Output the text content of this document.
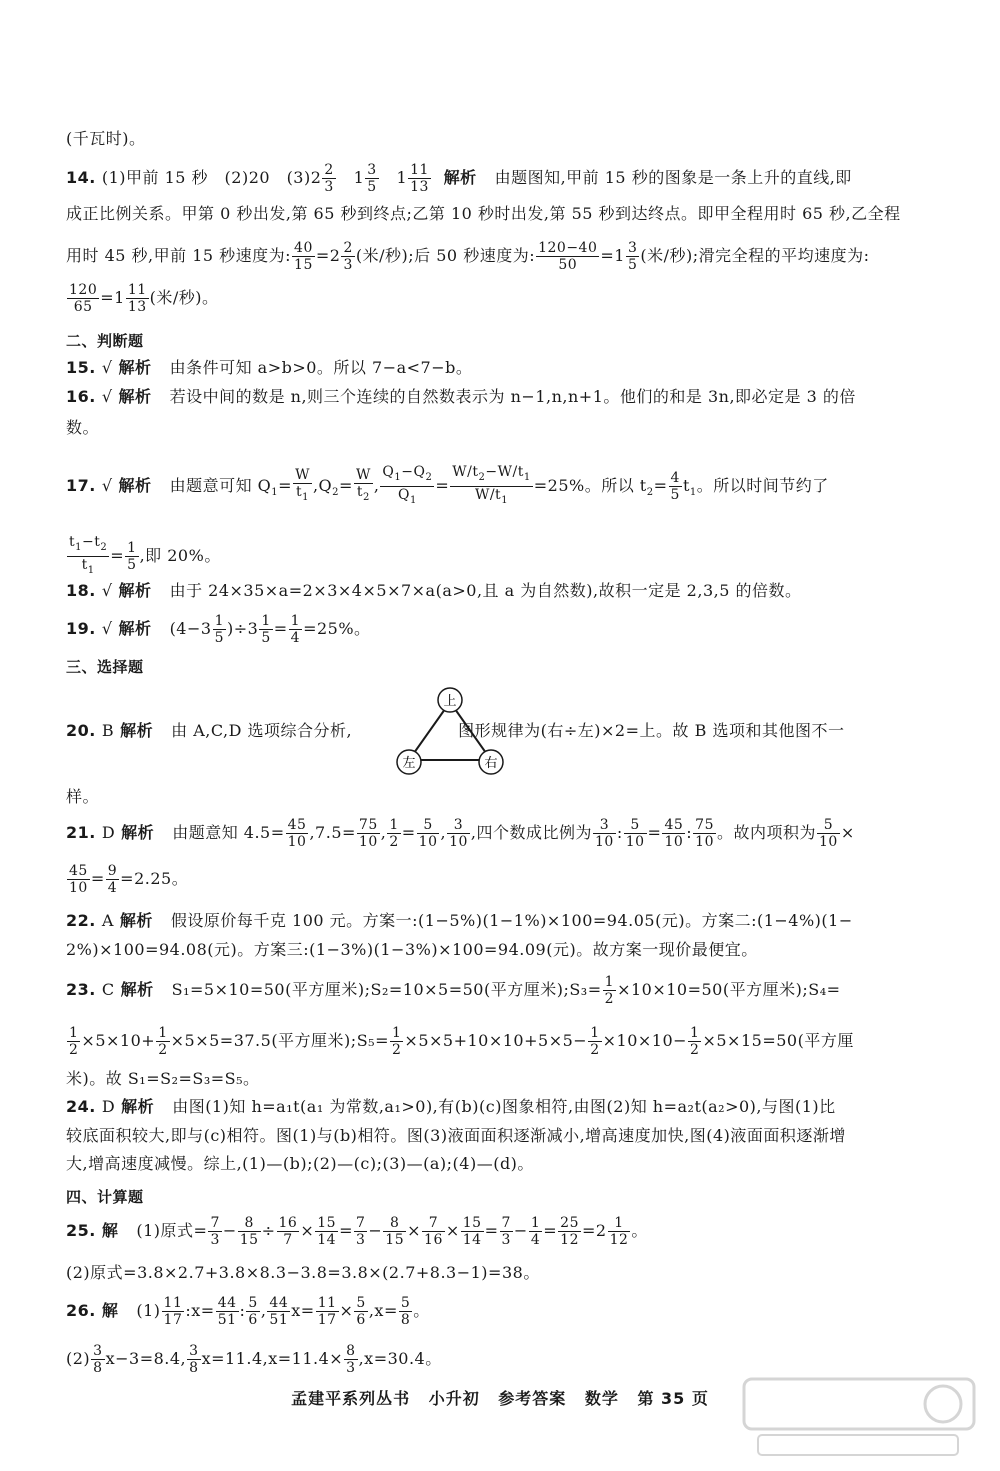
(千瓦时)。
14. (1)甲前 15 秒　(2)20　$(3)2 \frac{2}{3} 1 \frac{3}{5} 1 \frac{11}{13}$ 解析 由题图知,甲前 15 秒的图象是一条上升的直线,即
成正比例关系。甲第 0 秒出发,第 65 秒到终点;乙第 10 秒时出发,第 55 秒到达终点。即甲全程用时 65 秒,乙全程
用时 45 秒,甲前 15 秒速度为: $\frac{40}{15} =2 \frac{2}{3}$ (米/秒);后 50 秒速度为: $\frac{120-40}{50} =1 \frac{3}{5}$ (米/秒);滑完全程的平均速度为:
$\frac{120}{65} =1 \frac{11}{13}$ (米/秒)。
二、判断题
15. √ 解析 由条件可知 a>b>0。所以 7−a<7−b。
16. √ 解析 若设中间的数是 n,则三个连续的自然数表示为 n−1,n,n+1。他们的和是 3n,即必定是 3 的倍
数。
17. √ 解析 由题意可知 $Q_1= \frac{W}{t_1} ,Q_2= \frac{W}{t_2}$ , $\frac{Q_1-Q_2}{Q_1} = \frac{W/t_2-W/t_1}{W/t_1} =25\%$。所以 $t_2= \frac{4}{5} t_1$。所以时间节约了
$\frac{t_1-t_2}{t_1} = \frac{1}{5}$ ,即 20%。
18. √ 解析 由于 24×35×a=2×3×4×5×7×a(a>0,且 a 为自然数),故积一定是 2,3,5 的倍数。
19. √ 解析 $(4-3 \frac{1}{5} )\div 3 \frac{1}{5} = \frac{1}{4} =25\%$。
三、选择题
20. B 解析 由 A,C,D 选项综合分析,	图形规律为(右÷左)×2=上。故 B 选项和其他图不一
上
左	右
样。
21. D 解析 由题意知 $4.5= \frac{45}{10} ,7.5= \frac{75}{10}$ , $\frac{1}{2} = \frac{5}{10}$ , $\frac{3}{10}$ ,四个数成比例为 $\frac{3}{10}$ : $\frac{5}{10} = \frac{45}{10}$ : $\frac{75}{10}$ 。故内项积为 $\frac{5}{10}$ ×
$\frac{45}{10} = \frac{9}{4} =2.25$。
22. A 解析 假设原价每千克 100 元。方案一:(1−5%)(1−1%)×100=94.05(元)。方案二:(1−4%)(1−
2%)×100=94.08(元)。方案三:(1−3%)(1−3%)×100=94.09(元)。故方案一现价最便宜。
23. C 解析 S₁=5×10=50(平方厘米);S₂=10×5=50(平方厘米);S₃= $\frac{1}{2} \times 10\times 10=50$(平方厘米);S₄=
$\frac{1}{2} \times 5\times 10+ \frac{1}{2} \times 5\times 5=37.5$(平方厘米);S₅= $\frac{1}{2} \times 5\times 5+10\times 10+5\times 5- \frac{1}{2} \times 10\times 10- \frac{1}{2} \times 5\times 15=50$(平方厘
米)。故 S₁=S₂=S₃=S₅。
24. D 解析 由图(1)知 h=a₁t(a₁ 为常数,a₁>0),有(b)(c)图象相符,由图(2)知 h=a₂t(a₂>0),与图(1)比
较底面积较大,即与(c)相符。图(1)与(b)相符。图(3)液面面积逐渐减小,增高速度加快,图(4)液面面积逐渐增
大,增高速度减慢。综上,(1)—(b);(2)—(c);(3)—(a);(4)—(d)。
四、计算题
25. 解 (1)原式= $\frac{7}{3} - \frac{8}{15} \div \frac{16}{7} \times \frac{15}{14} = \frac{7}{3} - \frac{8}{15} \times \frac{7}{16} \times \frac{15}{14} = \frac{7}{3} - \frac{1}{4} = \frac{25}{12} =2 \frac{1}{12}$ 。
(2)原式=3.8×2.7+3.8×8.3−3.8=3.8×(2.7+8.3−1)=38。
26. 解 $(1) \frac{11}{17}$ :x= $\frac{44}{51}$ : $\frac{5}{6}$ , $\frac{44}{51} x= \frac{11}{17} \times \frac{5}{6} ,x= \frac{5}{8}$ 。
$(2) \frac{3}{8} x-3=8.4$, $\frac{3}{8} x=11.4,x=11.4\times \frac{8}{3} ,x=30.4$。
孟建平系列丛书 小升初 参考答案 数学 第 35 页
